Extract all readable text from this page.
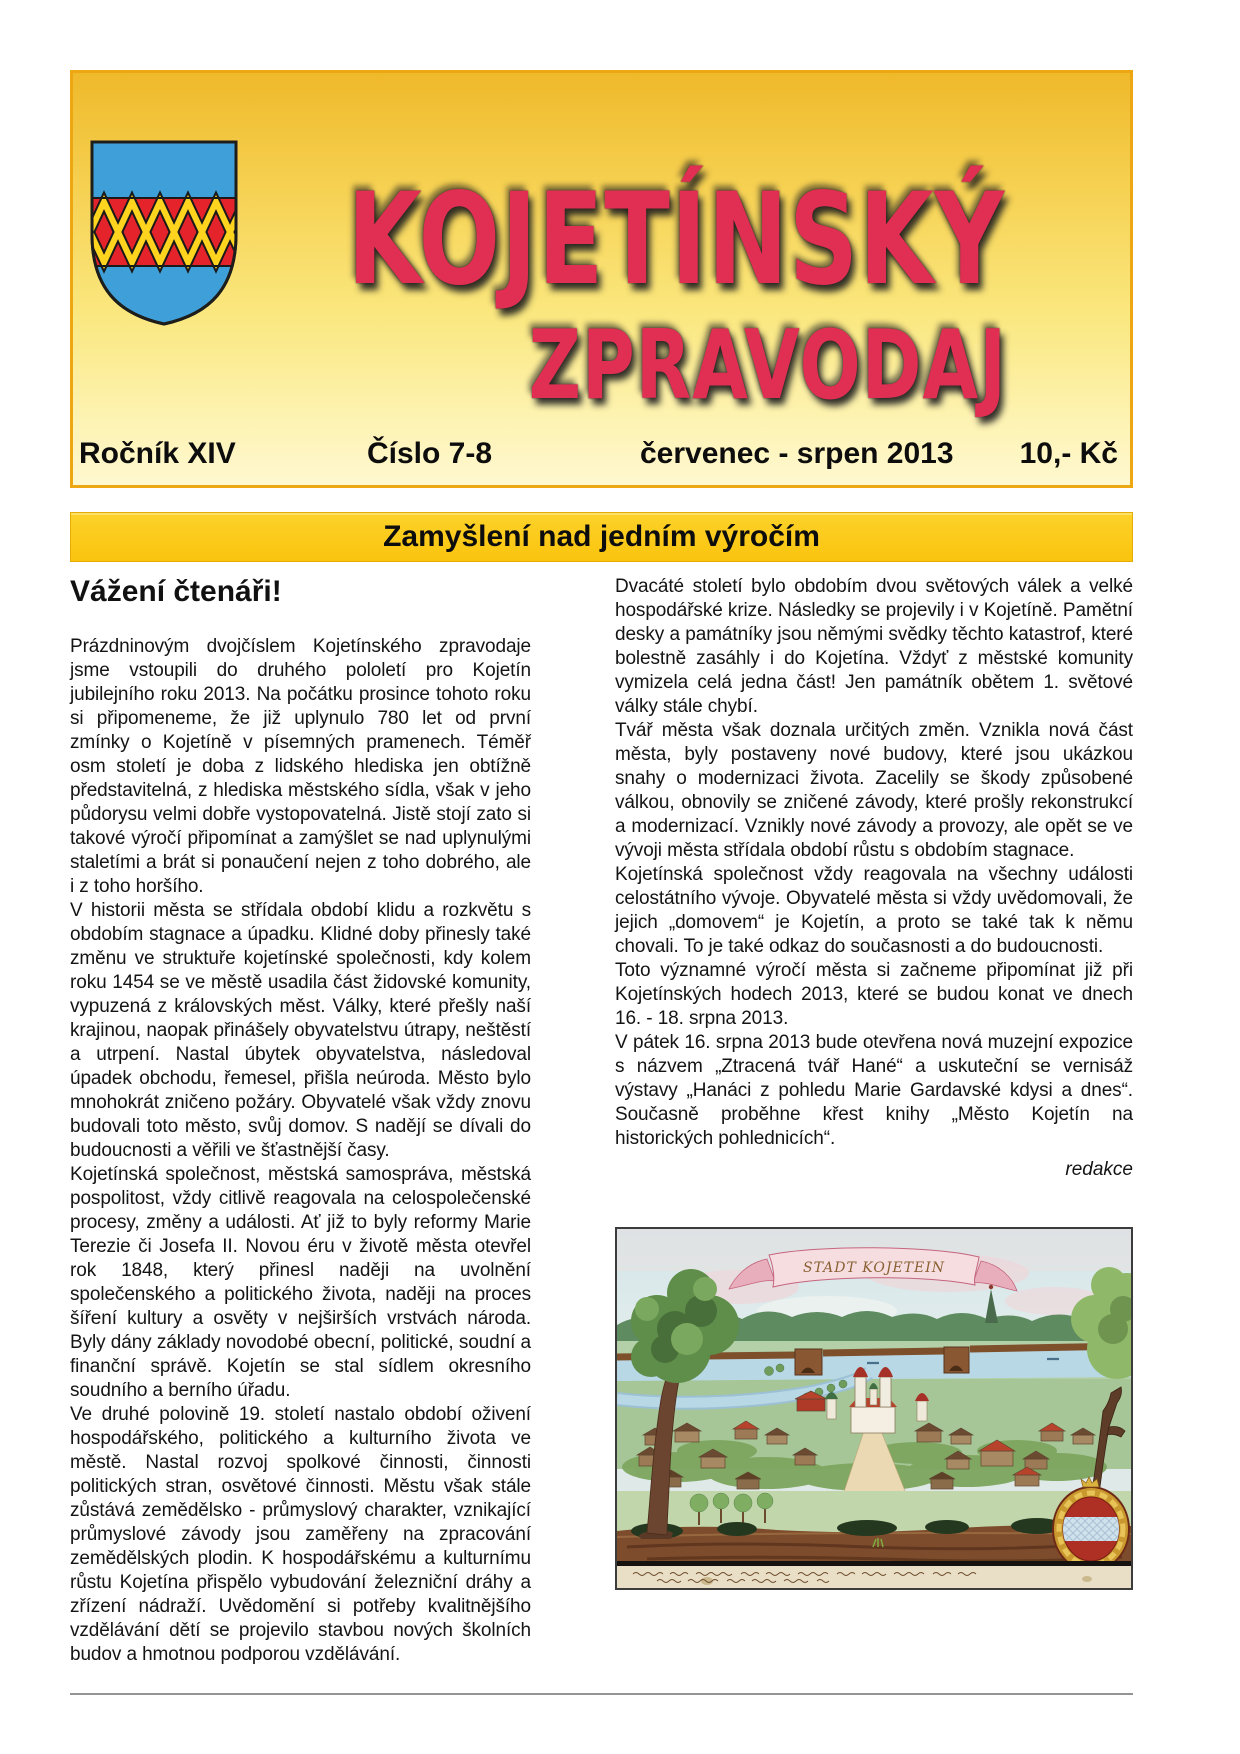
KOJETÍNSKÝ
ZPRAVODAJ
Ročník XIV	Číslo 7-8	červenec - srpen 2013 10,- Kč
Zamyšlení nad jedním výročím
Vážení čtenáři!

Prázdninovým dvojčíslem Kojetínského zpravodaje jsme vstoupili do druhého pololetí pro Kojetín jubilejního roku 2013. Na počátku prosince tohoto roku si připomeneme, že již uplynulo 780 let od první zmínky o Kojetíně v písemných pramenech. Téměř osm století je doba z lidského hlediska jen obtížně představitelná, z hlediska městského sídla, však v jeho půdorysu velmi dobře vystopovatelná. Jistě stojí zato si takové výročí připomínat a zamýšlet se nad uplynulými staletími a brát si ponaučení nejen z toho dobrého, ale i z toho horšího.

V historii města se střídala období klidu a rozkvětu s obdobím stagnace a úpadku. Klidné doby přinesly také změnu ve struktuře kojetínské společnosti, kdy kolem roku 1454 se ve městě usadila část židovské komunity, vypuzená z královských měst. Války, které přešly naší krajinou, naopak přinášely obyvatelstvu útrapy, neštěstí a utrpení. Nastal úbytek obyvatelstva, následoval úpadek obchodu, řemesel, přišla neúroda. Město bylo mnohokrát zničeno požáry. Obyvatelé však vždy znovu budovali toto město, svůj domov. S nadějí se dívali do budoucnosti a věřili ve šťastnější časy.

Kojetínská společnost, městská samospráva, městská pospolitost, vždy citlivě reagovala na celospolečenské procesy, změny a události. Ať již to byly reformy Marie Terezie či Josefa II. Novou éru v životě města otevřel rok 1848, který přinesl naději na uvolnění společenského a politického života, naději na proces šíření kultury a osvěty v nejširších vrstvách národa. Byly dány základy novodobé obecní, politické, soudní a finanční správě. Kojetín se stal sídlem okresního soudního a berního úřadu.

Ve druhé polovině 19. století nastalo období oživení hospodářského, politického a kulturního života ve městě. Nastal rozvoj spolkové činnosti, činnosti politických stran, osvětové činnosti. Městu však stále zůstává zemědělsko - průmyslový charakter, vznikající průmyslové závody jsou zaměřeny na zpracování zemědělských plodin. K hospodářskému a kulturnímu růstu Kojetína přispělo vybudování železniční dráhy a zřízení nádraží. Uvědomění si potřeby kvalitnějšího vzdělávání dětí se projevilo stavbou nových školních budov a hmotnou podporou vzdělávání.

Dvacáté století bylo obdobím dvou světových válek a velké hospodářské krize. Následky se projevily i v Kojetíně. Pamětní desky a památníky jsou němými svědky těchto katastrof, které bolestně zasáhly i do Kojetína. Vždyť z městské komunity vymizela celá jedna část! Jen památník obětem 1. světové války stále chybí.

Tvář města však doznala určitých změn. Vznikla nová část města, byly postaveny nové budovy, které jsou ukázkou snahy o modernizaci života. Zacelily se škody způsobené válkou, obnovily se zničené závody, které prošly rekonstrukcí a modernizací. Vznikly nové závody a provozy, ale opět se ve vývoji města střídala období růstu s obdobím stagnace.

Kojetínská společnost vždy reagovala na všechny události celostátního vývoje. Obyvatelé města si vždy uvědomovali, že jejich „domovem“ je Kojetín, a proto se také tak k němu chovali. To je také odkaz do současnosti a do budoucnosti.

Toto významné výročí města si začneme připomínat již při Kojetínských hodech 2013, které se budou konat ve dnech 16. - 18. srpna 2013.

V pátek 16. srpna 2013 bude otevřena nová muzejní expozice s názvem „Ztracená tvář Hané“ a uskuteční se vernisáž výstavy „Hanáci z pohledu Marie Gardavské kdysi a dnes“. Současně proběhne křest knihy „Město Kojetín na historických pohlednicích“.

redakce
STADT KOJETEIN
